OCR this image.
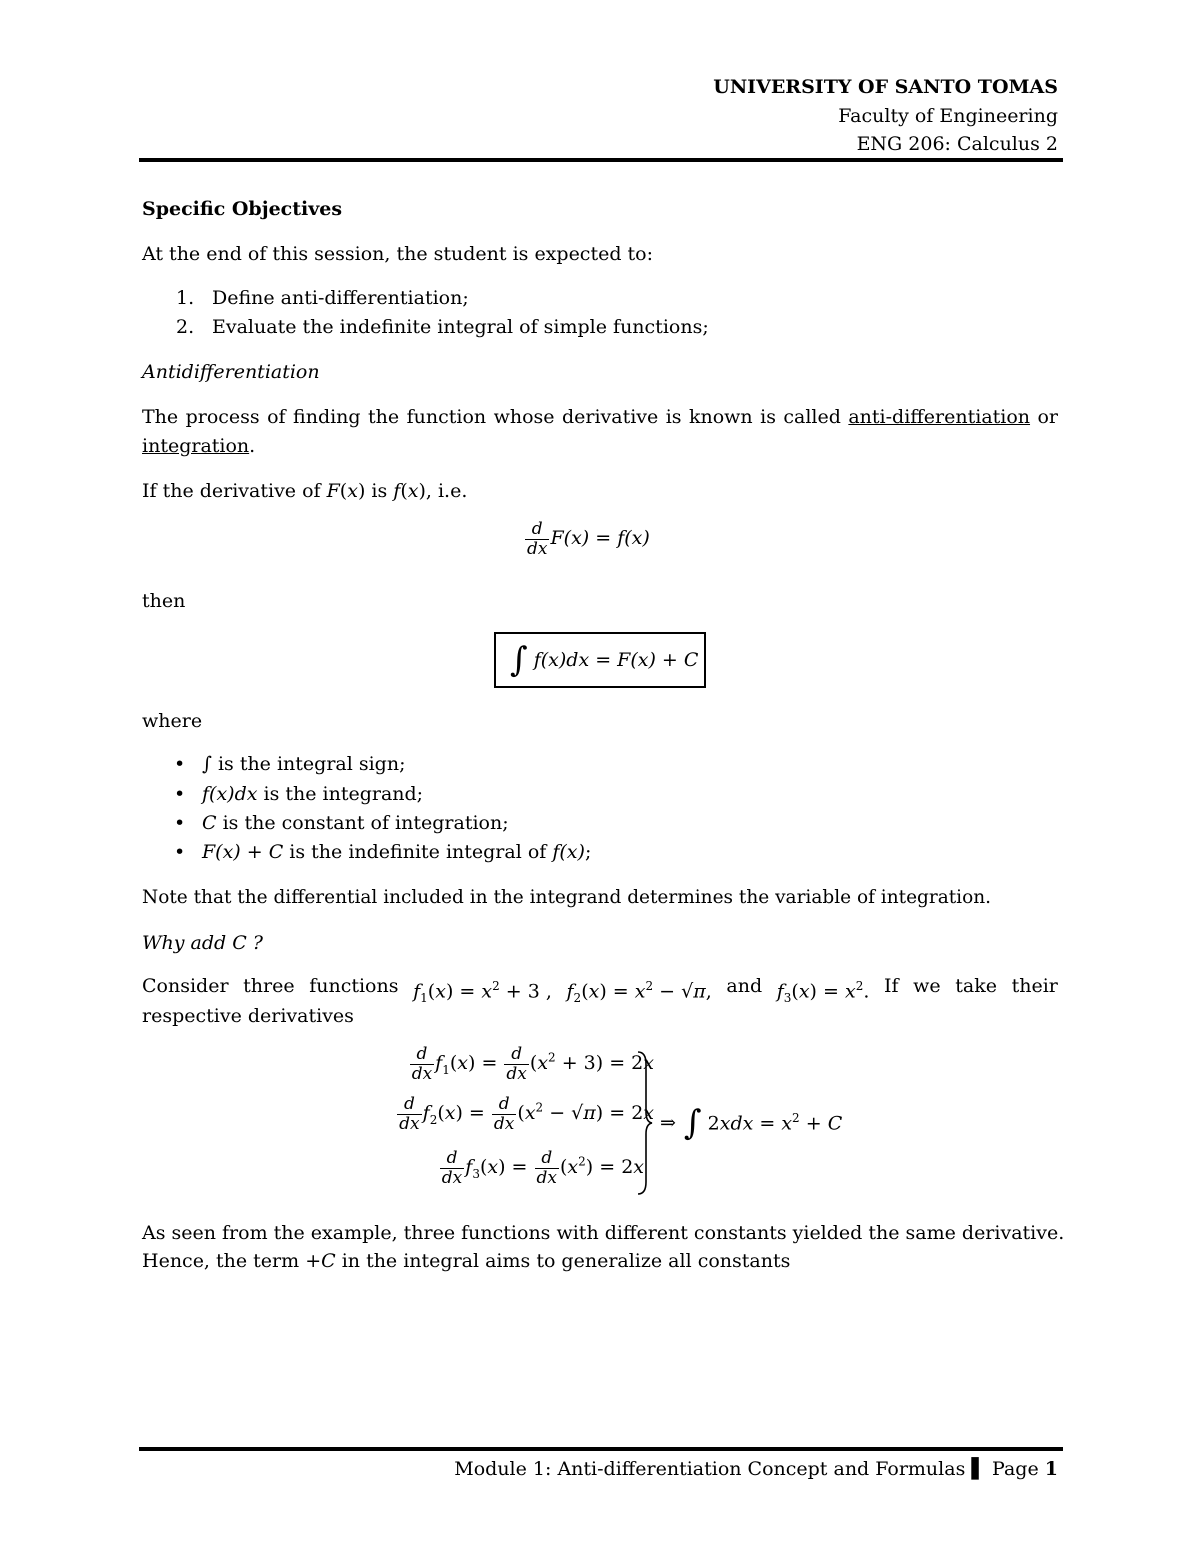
UNIVERSITY OF SANTO TOMAS
Faculty of Engineering
ENG 206: Calculus 2
Specific Objectives
At the end of this session, the student is expected to:
1. Define anti-differentiation;
2. Evaluate the indefinite integral of simple functions;
Antidifferentiation
The process of finding the function whose derivative is known is called anti-differentiation or
integration.
If the derivative of F(x) is f(x), i.e.
$\frac{d}{dx} F(x) = f(x)$
then
∫ f(x)dx = F(x) + C
where
• ∫ is the integral sign;
• f(x)dx is the integrand;
• C is the constant of integration;
• F(x) + C is the indefinite integral of f(x);
Note that the differential included in the integrand determines the variable of integration.
Why add C ?
Consider three functions $f_1(x) = x^2 + 3$ , $f_2(x) = x^2 - √\pi$, and $f_3(x) = x^2$. If we take their
respective derivatives
$\frac{d}{dx} f_1(x) = \frac{d}{dx} (x^2 + 3) = 2x$
$\frac{d}{dx} f_2(x) = \frac{d}{dx} (x^2 - √\pi) = 2x$
$\frac{d}{dx} f_3(x) = \frac{d}{dx} (x^2) = 2x$
⇒ ∫ $2xdx = x^2 + C$
As seen from the example, three functions with different constants yielded the same derivative.
Hence, the term +C in the integral aims to generalize all constants
Module 1: Anti-differentiation Concept and Formulas ▌ Page 1
